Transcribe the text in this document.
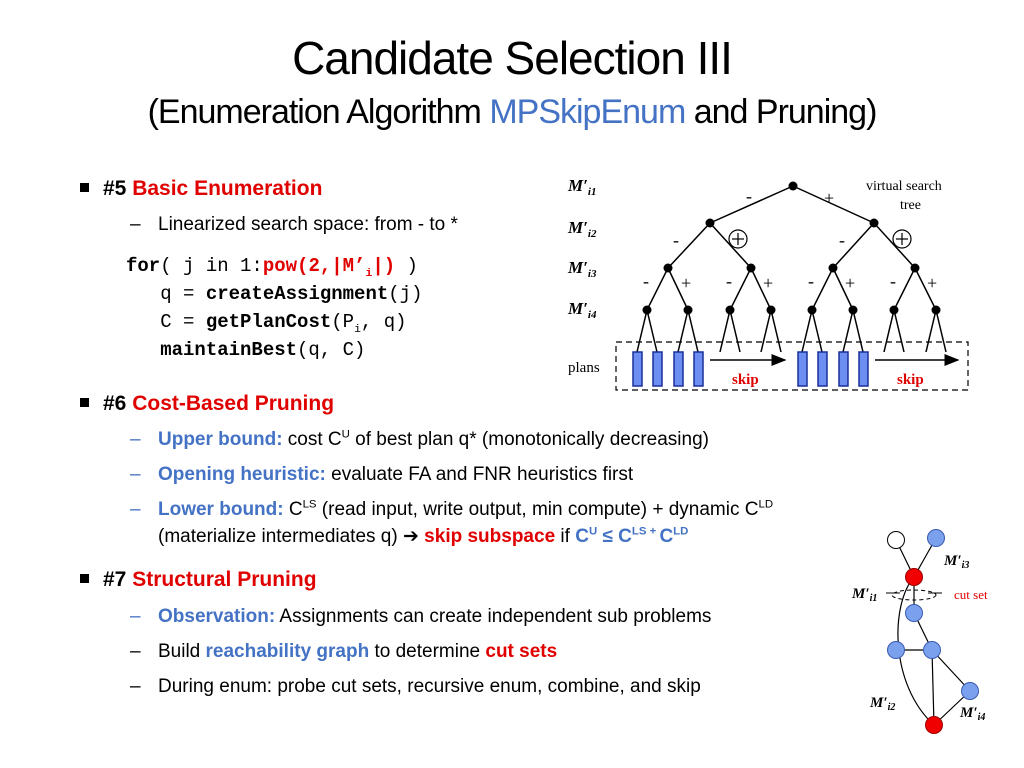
Candidate Selection III
(Enumeration Algorithm MPSkipEnum and Pruning)
#5 Basic Enumeration
– Linearized search space: from - to *
for( j in $1:pow(2,|M’_i|)$ )
q = createAssignment(j)
$C = getPlanCost(P_i$, q)
maintainBest(q, C)
#6 Cost-Based Pruning
– Upper bound: cost $C^U$ of best plan q* (monotonically decreasing)
– Opening heuristic: evaluate FA and FNR heuristics first
– Lower bound: $C^{LS}$ (read input, write output, min compute) + dynamic $C^{LD}$
(materialize intermediates q) ➔ skip subspace if $C^U \le C^{LS +}$ $C^{LD}$
#7 Structural Pruning
– Observation: Assignments can create independent sub problems
– Build reachability graph to determine cut sets
– During enum: probe cut sets, recursive enum, combine, and skip
$M'_{i1}$
$M'_{i2}$
$M'_{i3}$
$M'_{i4}$
plans
virtual search
tree
-	+
-	-
- + - + - + - +
skip	skip
$M'_{i3}$
$M'_{i1}$	cut set
$M'_{i2}$	$M'_{i4}$
